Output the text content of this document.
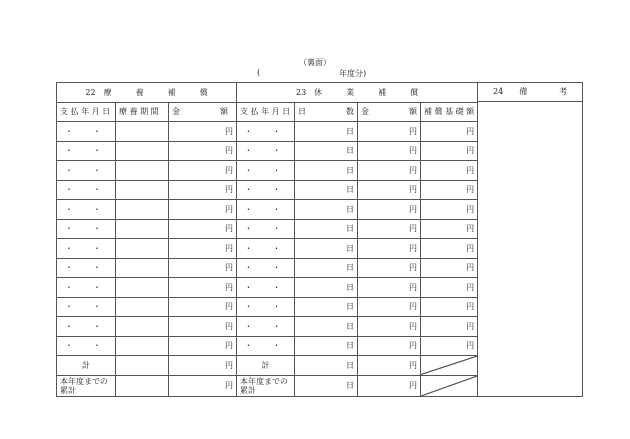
（裏面）
(	年度分)
22　療　　　養　　　補　　　償			23　休　　　業　　　補　　　償				24　　備　　　　考

支 払 年 月 日	療 養 期 間	金　　　　　額	支 払 年 月 日	日　　　　　数	金　　　　　額	補 償 基 礎 額	
・　・		円	・　・	日	円	円	
・　・		円	・　・	日	円	円	
・　・		円	・　・	日	円	円	
・　・		円	・　・	日	円	円	
・　・		円	・　・	日	円	円	
・　・		円	・　・	日	円	円	
・　・		円	・　・	日	円	円	
・　・		円	・　・	日	円	円	
・　・		円	・　・	日	円	円	
・　・		円	・　・	日	円	円	
・　・		円	・　・	日	円	円	
・　・		円	・　・	日	円	円	
計		円	計	日	円	

本年度までの累計		円	本年度までの累計	日	円	
